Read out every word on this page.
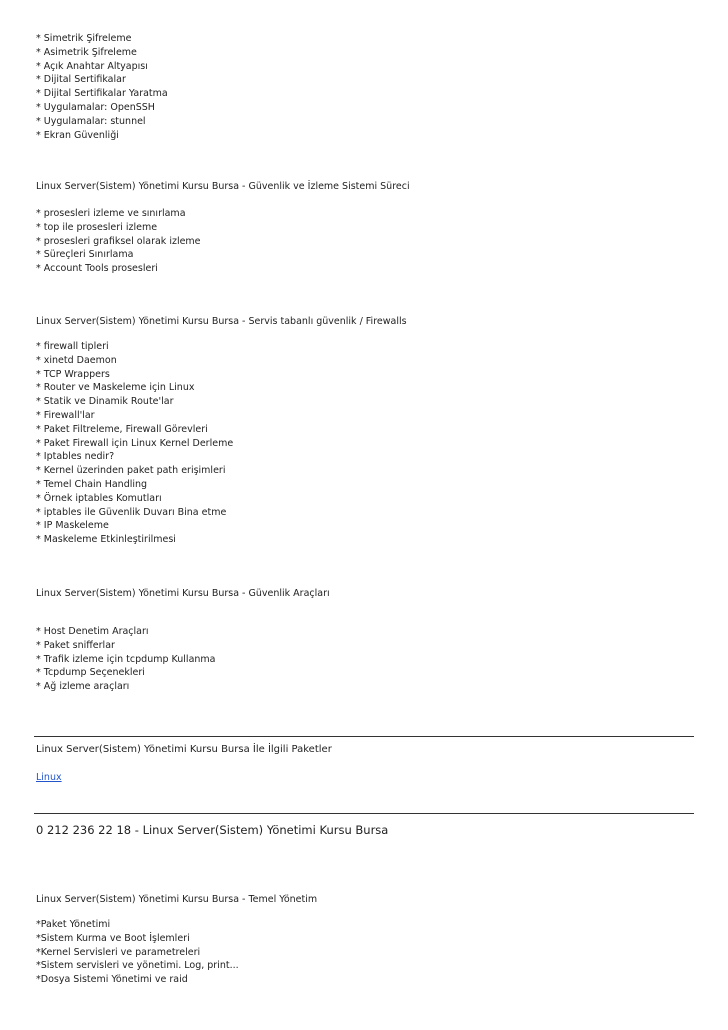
* Simetrik Şifreleme
* Asimetrik Şifreleme
* Açık Anahtar Altyapısı
* Dijital Sertifikalar
* Dijital Sertifikalar Yaratma
* Uygulamalar: OpenSSH
* Uygulamalar: stunnel
* Ekran Güvenliği
Linux Server(Sistem) Yönetimi Kursu Bursa - Güvenlik ve İzleme Sistemi Süreci
* prosesleri izleme ve sınırlama
* top ile prosesleri izleme
* prosesleri grafiksel olarak izleme
* Süreçleri Sınırlama
* Account Tools prosesleri
Linux Server(Sistem) Yönetimi Kursu Bursa - Servis tabanlı güvenlik / Firewalls
* firewall tipleri
* xinetd Daemon
* TCP Wrappers
* Router ve Maskeleme için Linux
* Statik ve Dinamik Route'lar
* Firewall'lar
* Paket Filtreleme, Firewall Görevleri
* Paket Firewall için Linux Kernel Derleme
* Iptables nedir?
* Kernel üzerinden paket path erişimleri
* Temel Chain Handling
* Örnek iptables Komutları
* iptables ile Güvenlik Duvarı Bina etme
* IP Maskeleme
* Maskeleme Etkinleştirilmesi
Linux Server(Sistem) Yönetimi Kursu Bursa - Güvenlik Araçları
* Host Denetim Araçları
* Paket snifferlar
* Trafik izleme için tcpdump Kullanma
* Tcpdump Seçenekleri
* Ağ izleme araçları
Linux Server(Sistem) Yönetimi Kursu Bursa İle İlgili Paketler
Linux
0 212 236 22 18 - Linux Server(Sistem) Yönetimi Kursu Bursa
Linux Server(Sistem) Yönetimi Kursu Bursa - Temel Yönetim
*Paket Yönetimi
*Sistem Kurma ve Boot İşlemleri
*Kernel Servisleri ve parametreleri
*Sistem servisleri ve yönetimi. Log, print...
*Dosya Sistemi Yönetimi ve raid
